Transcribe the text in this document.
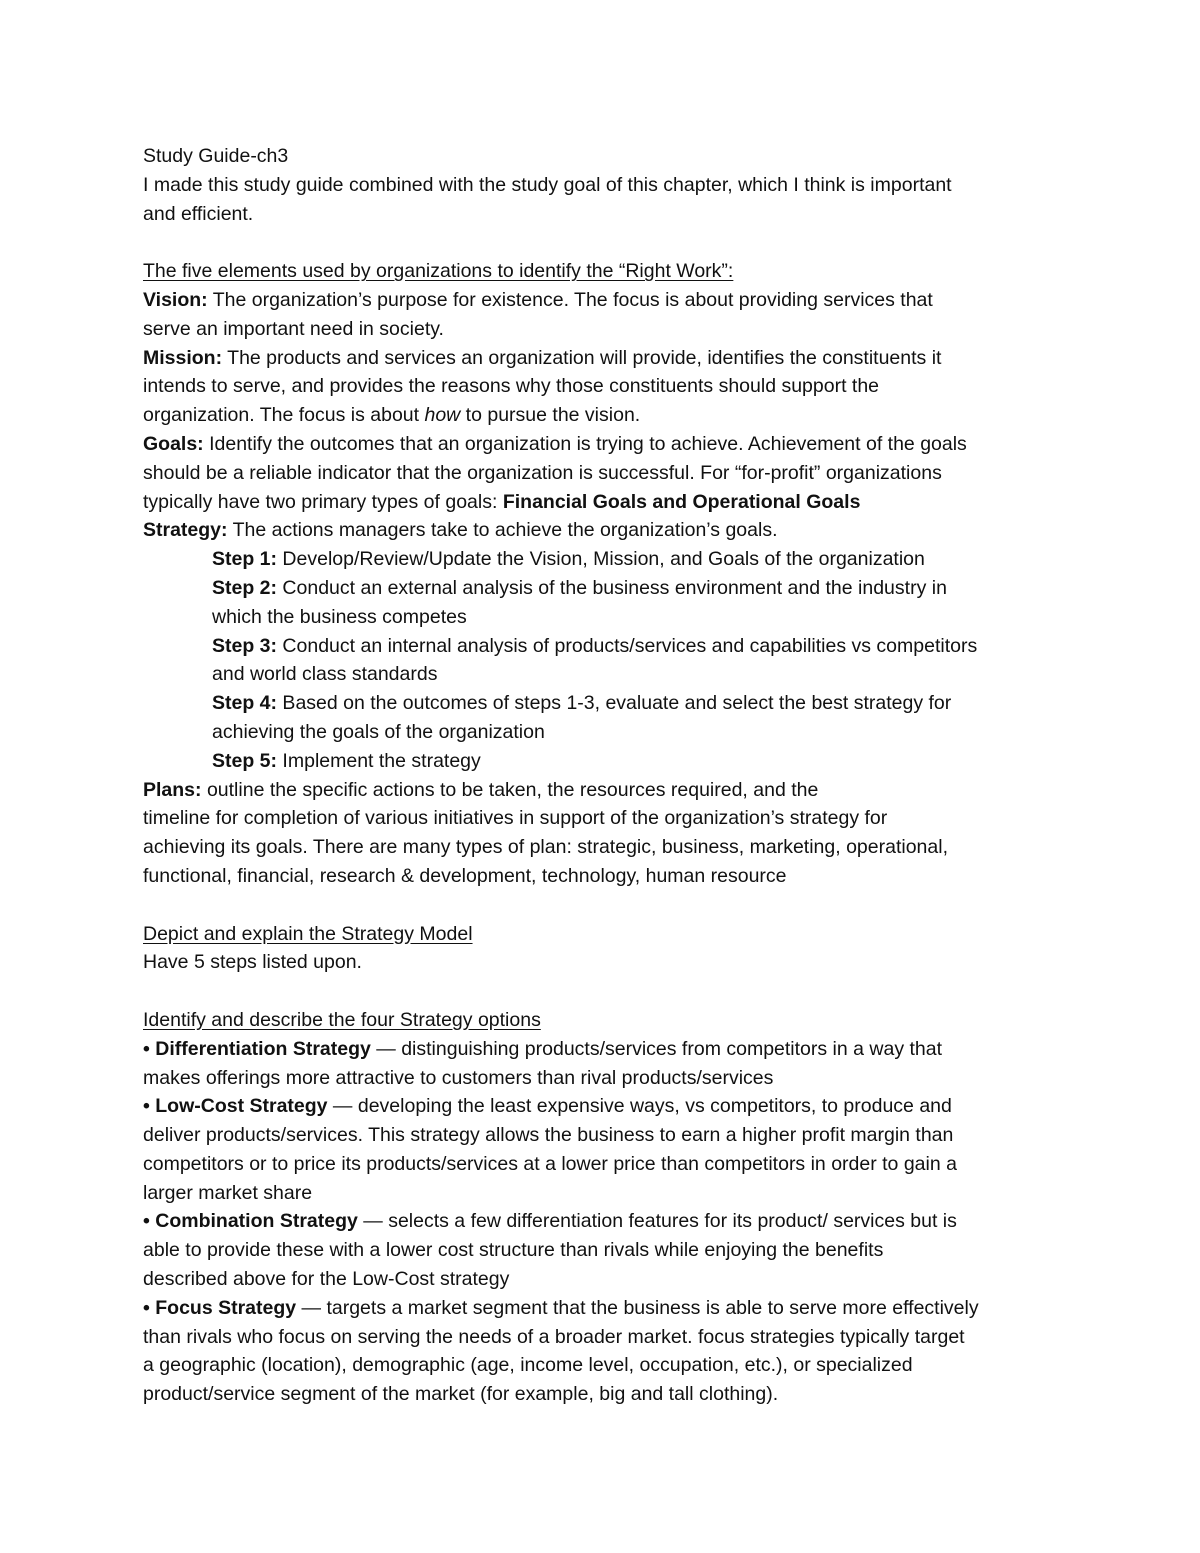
Study Guide-ch3
I made this study guide combined with the study goal of this chapter, which I think is important
and efficient.
The five elements used by organizations to identify the “Right Work”:
Vision: The organization’s purpose for existence. The focus is about providing services that
serve an important need in society.
Mission: The products and services an organization will provide, identifies the constituents it
intends to serve, and provides the reasons why those constituents should support the
organization. The focus is about how to pursue the vision.
Goals: Identify the outcomes that an organization is trying to achieve. Achievement of the goals
should be a reliable indicator that the organization is successful. For “for-profit” organizations
typically have two primary types of goals: Financial Goals and Operational Goals
Strategy: The actions managers take to achieve the organization’s goals.
Step 1: Develop/Review/Update the Vision, Mission, and Goals of the organization
Step 2: Conduct an external analysis of the business environment and the industry in
which the business competes
Step 3: Conduct an internal analysis of products/services and capabilities vs competitors
and world class standards
Step 4: Based on the outcomes of steps 1-3, evaluate and select the best strategy for
achieving the goals of the organization
Step 5: Implement the strategy
Plans: outline the specific actions to be taken, the resources required, and the
timeline for completion of various initiatives in support of the organization’s strategy for
achieving its goals. There are many types of plan: strategic, business, marketing, operational,
functional, financial, research & development, technology, human resource
Depict and explain the Strategy Model
Have 5 steps listed upon.
Identify and describe the four Strategy options
• Differentiation Strategy — distinguishing products/services from competitors in a way that
makes offerings more attractive to customers than rival products/services
• Low-Cost Strategy — developing the least expensive ways, vs competitors, to produce and
deliver products/services. This strategy allows the business to earn a higher profit margin than
competitors or to price its products/services at a lower price than competitors in order to gain a
larger market share
• Combination Strategy — selects a few differentiation features for its product/ services but is
able to provide these with a lower cost structure than rivals while enjoying the benefits
described above for the Low-Cost strategy
• Focus Strategy — targets a market segment that the business is able to serve more effectively
than rivals who focus on serving the needs of a broader market. focus strategies typically target
a geographic (location), demographic (age, income level, occupation, etc.), or specialized
product/service segment of the market (for example, big and tall clothing).
